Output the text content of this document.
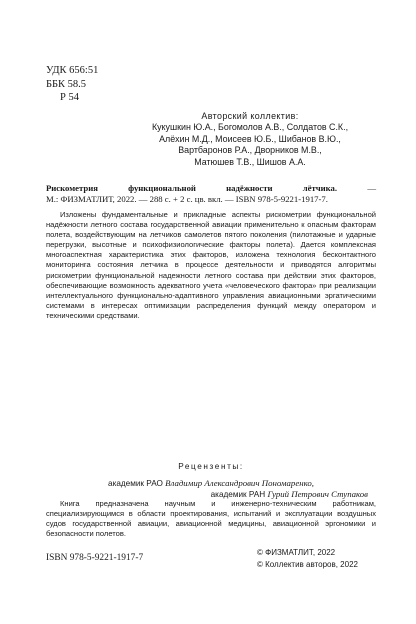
УДК 656:51
ББК 58.5
Р 54
Авторский коллектив:
Кукушкин Ю.А., Богомолов А.В., Солдатов С.К.,
Алёхин М.Д., Моисеев Ю.Б., Шибанов В.Ю.,
Вартбаронов Р.А., Дворников М.В.,
Матюшев Т.В., Шишов А.А.
Рискометрия функциональной надёжности лётчика.	—
М.: ФИЗМАТЛИТ, 2022. — 288 с. + 2 с. цв. вкл. — ISBN 978-5-9221-1917-7.

Изложены фундаментальные и прикладные аспекты рискометрии функциональной надёжности летного состава государственной авиации применительно к опасным факторам полета, воздействующим на летчиков самолетов пятого поколения (пилотажные и ударные перегрузки, высотные и психофизиологические факторы полета). Дается комплексная многоаспектная характеристика этих факторов, изложена технология бесконтактного мониторинга состояния летчика в процессе деятельности и приводятся алгоритмы рискометрии функциональной надежности летного состава при действии этих факторов, обеспечивающие возможность адекватного учета «человеческого фактора» при реализации интеллектуального функционально-адаптивного управления авиационными эргатическими системами в интересах оптимизации распределения функций между оператором и техническими средствами.

Рецензенты:
академик РАО Владимир Александрович Пономаренко,
академик РАН Гурий Петрович Ступаков

Книга предназначена научным и инженерно-техническим работникам, специализирующимся в области проектирования, испытаний и эксплуатации воздушных судов государственной авиации, авиационной медицины, авиационной эргономики и безопасности полетов.

ISBN 978-5-9221-1917-7
© ФИЗМАТЛИТ, 2022
© Коллектив авторов, 2022
